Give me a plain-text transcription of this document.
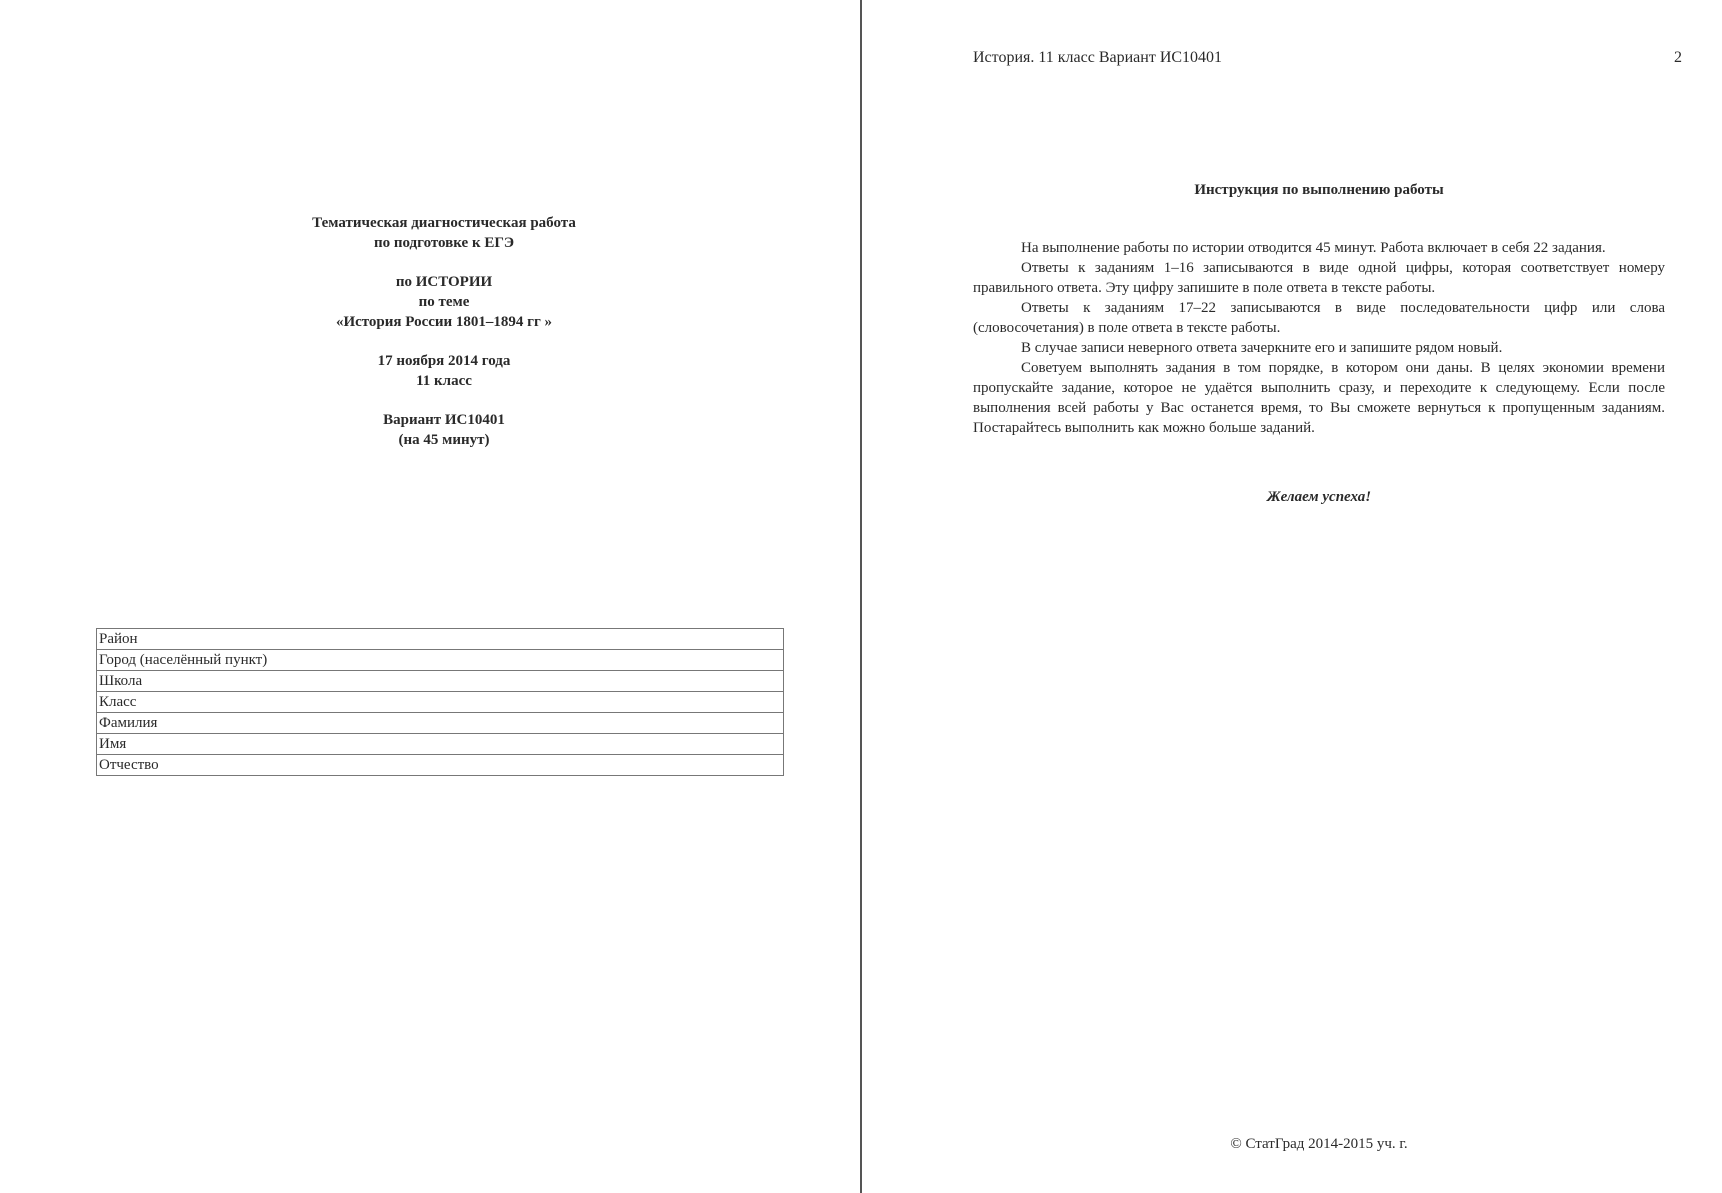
Тематическая диагностическая работа
по подготовке к ЕГЭ
по ИСТОРИИ
по теме
«История России 1801–1894 гг »
17 ноября 2014 года
11 класс
Вариант ИС10401
(на 45 минут)
Район
Город (населённый пункт)
Школа
Класс
Фамилия
Имя
Отчество
История. 11 класс Вариант ИС10401	2
Инструкция по выполнению работы

На выполнение работы по истории отводится 45 минут. Работа включает в себя 22 задания.

Ответы к заданиям 1–16 записываются в виде одной цифры, которая соответствует номеру правильного ответа. Эту цифру запишите в поле ответа в тексте работы.

Ответы к заданиям 17–22 записываются в виде последовательности цифр или слова (словосочетания) в поле ответа в тексте работы.

В случае записи неверного ответа зачеркните его и запишите рядом новый.

Советуем выполнять задания в том порядке, в котором они даны. В целях экономии времени пропускайте задание, которое не удаётся выполнить сразу, и переходите к следующему. Если после выполнения всей работы у Вас останется время, то Вы сможете вернуться к пропущенным заданиям. Постарайтесь выполнить как можно больше заданий.

Желаем успеха!
© СтатГрад 2014-2015 уч. г.
